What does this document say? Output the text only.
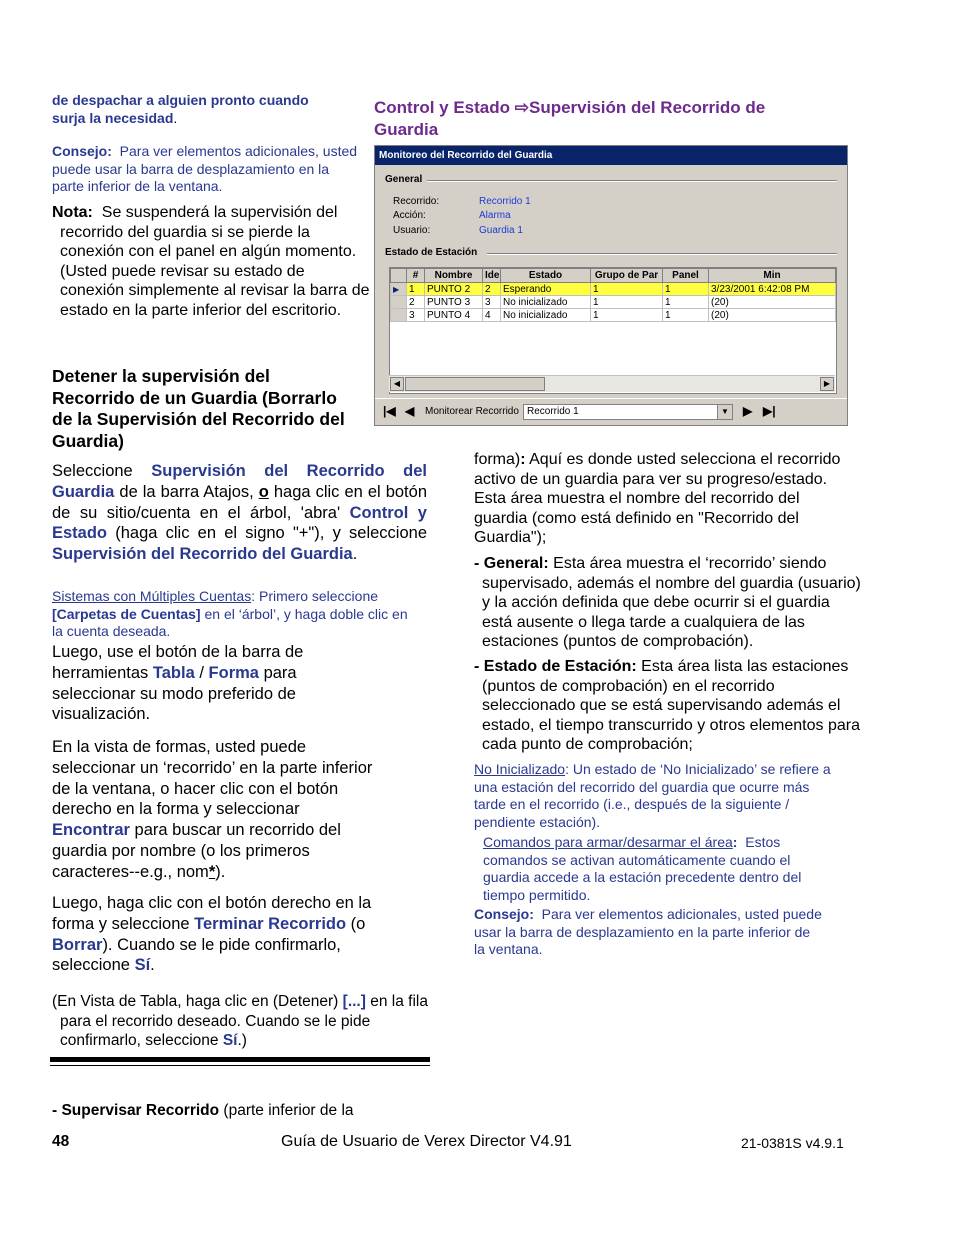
de despachar a alguien pronto cuando
surja la necesidad.
Consejo: Para ver elementos adicionales, usted puede usar la barra de desplazamiento en la parte inferior de la ventana.
Nota: Se suspenderá la supervisión del recorrido del guardia si se pierde la conexión con el panel en algún momento. (Usted puede revisar su estado de conexión simplemente al revisar la barra de estado en la parte inferior del escritorio.
Detener la supervisión del Recorrido de un Guardia (Borrarlo de la Supervisión del Recorrido del Guardia)
Seleccione Supervisión del Recorrido del Guardia de la barra Atajos, o haga clic en el botón de su sitio/cuenta en el árbol, 'abra' Control y Estado (haga clic en el signo "+"), y seleccione Supervisión del Recorrido del Guardia.
Sistemas con Múltiples Cuentas: Primero seleccione [Carpetas de Cuentas] en el ‘árbol’, y haga doble clic en la cuenta deseada.
Luego, use el botón de la barra de herramientas Tabla / Forma para seleccionar su modo preferido de visualización.
En la vista de formas, usted puede seleccionar un ‘recorrido’ en la parte inferior de la ventana, o hacer clic con el botón derecho en la forma y seleccionar Encontrar para buscar un recorrido del guardia por nombre (o los primeros caracteres--e.g., nom*).
Luego, haga clic con el botón derecho en la forma y seleccione Terminar Recorrido (o Borrar). Cuando se le pide confirmarlo, seleccione Sí.
(En Vista de Tabla, haga clic en (Detener) [...] en la fila para el recorrido deseado. Cuando se le pide confirmarlo, seleccione Sí.)
- Supervisar Recorrido (parte inferior de la
Control y Estado ⇨Supervisión del Recorrido de Guardia
Monitoreo del Recorrido del Guardia
General
Recorrido:	Recorrido 1
Acción:	Alarma
Usuario:	Guardia 1
Estado de Estación
	#	Nombre	Ide	Estado	Grupo de Par	Panel	Min
▶	1	PUNTO 2	2	Esperando	1	1	3/23/2001 6:42:08 PM
	2	PUNTO 3	3	No inicializado	1	1	(20)
	3	PUNTO 4	4	No inicializado	1	1	(20)
◀	▶
|◀ ◀ Monitorear Recorrido Recorrido 1	▼ ▶ ▶|
forma): Aquí es donde usted selecciona el recorrido activo de un guardia para ver su progreso/estado. Esta área muestra el nombre del recorrido del guardia (como está definido en "Recorrido del Guardia");
- General: Esta área muestra el ‘recorrido’ siendo supervisado, además el nombre del guardia (usuario) y la acción definida que debe ocurrir si el guardia está ausente o llega tarde a cualquiera de las estaciones (puntos de comprobación).
- Estado de Estación: Esta área lista las estaciones (puntos de comprobación) en el recorrido seleccionado que se está supervisando además el estado, el tiempo transcurrido y otros elementos para cada punto de comprobación;
No Inicializado: Un estado de ‘No Inicializado’ se refiere a una estación del recorrido del guardia que ocurre más tarde en el recorrido (i.e., después de la siguiente / pendiente estación).
Comandos para armar/desarmar el área: Estos comandos se activan automáticamente cuando el guardia accede a la estación precedente dentro del tiempo permitido.
Consejo: Para ver elementos adicionales, usted puede usar la barra de desplazamiento en la parte inferior de la ventana.
48	Guía de Usuario de Verex Director V4.91	21-0381S v4.9.1
